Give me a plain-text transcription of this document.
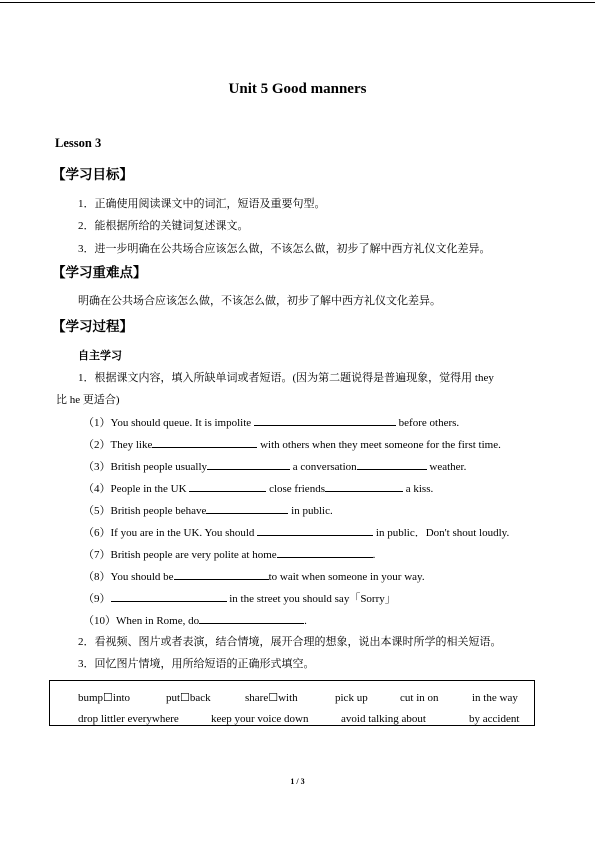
Unit 5 Good manners
Lesson 3
【学习目标】
1．正确使用阅读课文中的词汇，短语及重要句型。
2．能根据所给的关键词复述课文。
3．进一步明确在公共场合应该怎么做，不该怎么做，初步了解中西方礼仪文化差异。
【学习重难点】
明确在公共场合应该怎么做，不该怎么做，初步了解中西方礼仪文化差异。
【学习过程】
自主学习
1．根据课文内容，填入所缺单词或者短语。(因为第二题说得是普遍现象，觉得用 they
比 he 更适合)
（1）You should queue. It is impolite	before others.
（2）They like	with others when they meet someone for the first time.
（3）British people usually	a conversation	weather.
（4）People in the UK	close friends	a kiss.
（5）British people behave	in public.
（6）If you are in the UK. You should	in public．Don't shout loudly.
（7）British people are very polite at home	.
（8）You should be	to wait when someone in your way.
（9）	in the street you should say「Sorry」
（10）When in Rome, do	.
2．看视频、图片或者表演，结合情境，展开合理的想象，说出本课时所学的相关短语。
3．回忆图片情境，用所给短语的正确形式填空。
bump☐into	put☐back	share☐with	pick up	cut in on	in the way
drop littler everywhere	keep your voice down	avoid talking about	by accident
1 / 3
